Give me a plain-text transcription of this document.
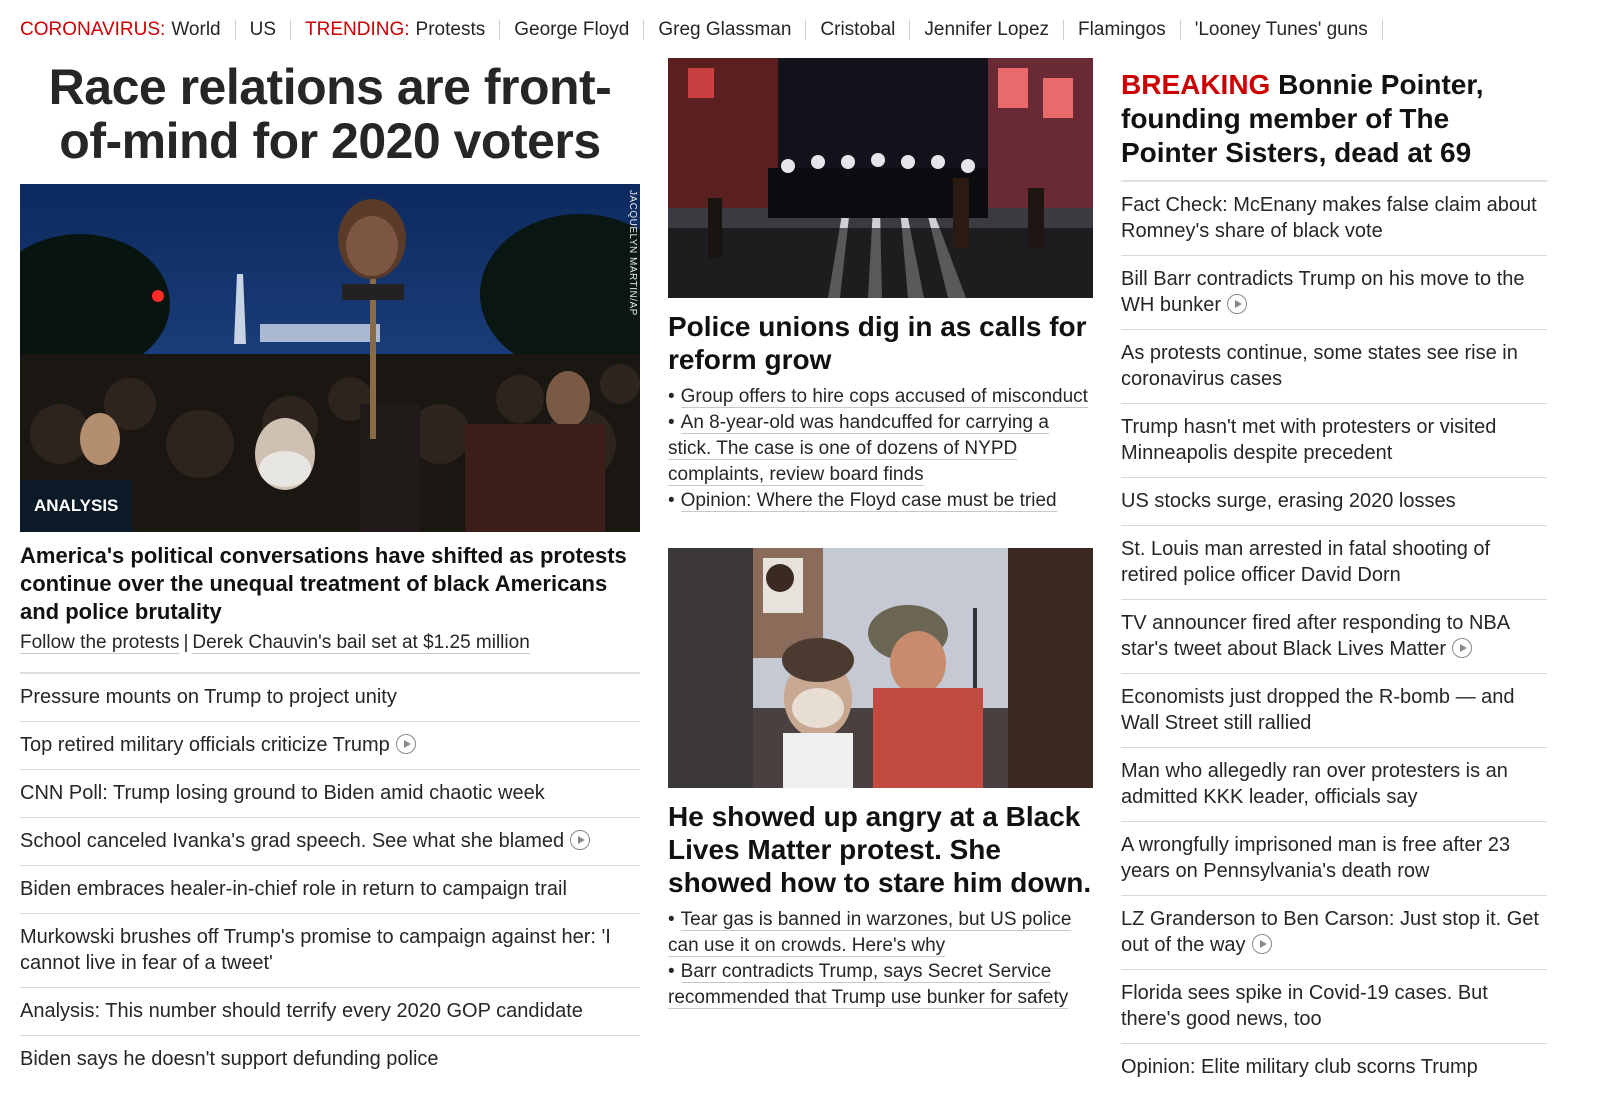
CORONAVIRUS: World US TRENDING: Protests George Floyd Greg Glassman Cristobal Jennifer Lopez Flamingos 'Looney Tunes' guns
Race relations are front-of-mind for 2020 voters
JACQUELYN MARTIN/AP
ANALYSIS
America's political conversations have shifted as protests continue over the unequal treatment of black Americans and police brutality
Follow the protests | Derek Chauvin's bail set at $1.25 million
Pressure mounts on Trump to project unity
Top retired military officials criticize Trump
CNN Poll: Trump losing ground to Biden amid chaotic week
School canceled Ivanka's grad speech. See what she blamed
Biden embraces healer-in-chief role in return to campaign trail
Murkowski brushes off Trump's promise to campaign against her: 'I cannot live in fear of a tweet'
Analysis: This number should terrify every 2020 GOP candidate
Biden says he doesn't support defunding police
Police unions dig in as calls for reform grow
• Group offers to hire cops accused of misconduct
• An 8-year-old was handcuffed for carrying a stick. The case is one of dozens of NYPD complaints, review board finds
• Opinion: Where the Floyd case must be tried
He showed up angry at a Black Lives Matter protest. She showed how to stare him down.
• Tear gas is banned in warzones, but US police can use it on crowds. Here's why
• Barr contradicts Trump, says Secret Service recommended that Trump use bunker for safety
BREAKING Bonnie Pointer, founding member of The Pointer Sisters, dead at 69
Fact Check: McEnany makes false claim about Romney's share of black vote
Bill Barr contradicts Trump on his move to the WH bunker
As protests continue, some states see rise in coronavirus cases
Trump hasn't met with protesters or visited Minneapolis despite precedent
US stocks surge, erasing 2020 losses
St. Louis man arrested in fatal shooting of retired police officer David Dorn
TV announcer fired after responding to NBA star's tweet about Black Lives Matter
Economists just dropped the R-bomb — and Wall Street still rallied
Man who allegedly ran over protesters is an admitted KKK leader, officials say
A wrongfully imprisoned man is free after 23 years on Pennsylvania's death row
LZ Granderson to Ben Carson: Just stop it. Get out of the way
Florida sees spike in Covid-19 cases. But there's good news, too
Opinion: Elite military club scorns Trump
